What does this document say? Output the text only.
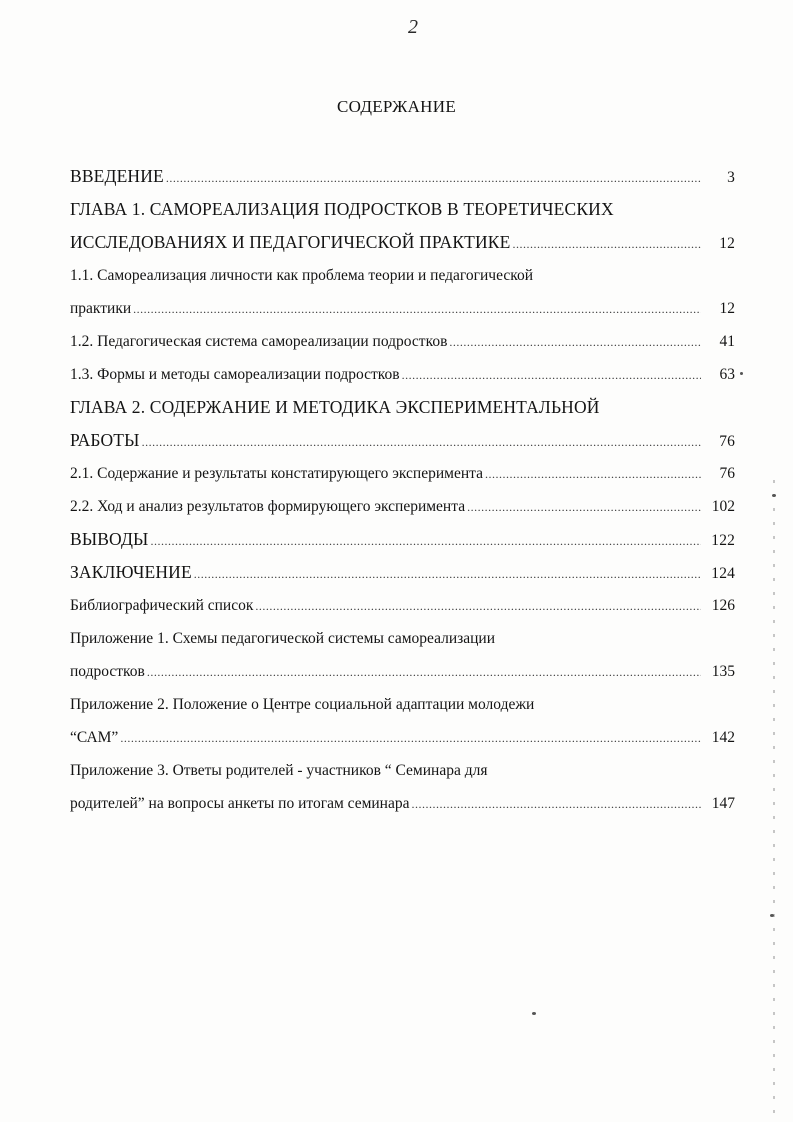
2
СОДЕРЖАНИЕ
ВВЕДЕНИЕ .....	3
ГЛАВА 1. САМОРЕАЛИЗАЦИЯ ПОДРОСТКОВ В ТЕОРЕТИЧЕСКИХ
ИССЛЕДОВАНИЯХ И ПЕДАГОГИЧЕСКОЙ ПРАКТИКЕ .....	12
1.1. Самореализация личности как проблема теории и педагогической
практики .....	12
1.2. Педагогическая система самореализации подростков .....	41
1.3. Формы и методы самореализации подростков .....	63
ГЛАВА 2. СОДЕРЖАНИЕ И МЕТОДИКА ЭКСПЕРИМЕНТАЛЬНОЙ
РАБОТЫ .....	76
2.1. Содержание и результаты констатирующего эксперимента .....	76
2.2. Ход и анализ результатов формирующего эксперимента .....	102
ВЫВОДЫ .....	122
ЗАКЛЮЧЕНИЕ .....	124
Библиографический список .....	126
Приложение 1. Схемы педагогической системы самореализации
подростков .....	135
Приложение 2. Положение о Центре социальной адаптации молодежи
“САМ” .....	142
Приложение 3. Ответы родителей - участников “ Семинара для
родителей” на вопросы анкеты по итогам семинара .....	147
